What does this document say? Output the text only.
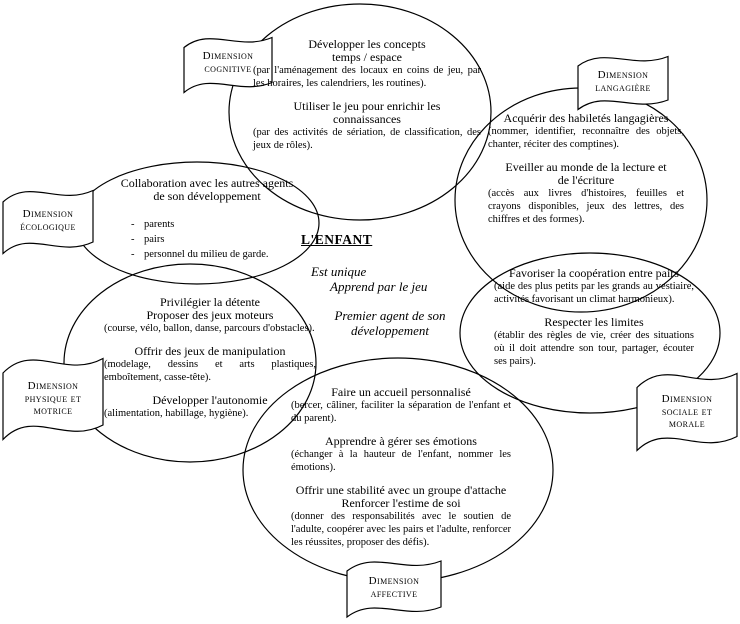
Dimension
cognitive
Dimension
langagière
Dimension
écologique
Dimension
physique et
motrice
Dimension
sociale et
morale
Dimension
affective
Développer les concepts
temps / espace

(par l'aménagement des locaux en coins de jeu, par les horaires, les calendriers, les routines).

Utiliser le jeu pour enrichir les
connaissances

(par des activités de sériation, de classification, des jeux de rôles).

Acquérir des habiletés langagières

(nommer, identifier, reconnaître des objets, chanter, réciter des comptines).

Eveiller au monde de la lecture et
de l'écriture

(accès aux livres d'histoires, feuilles et crayons disponibles, jeux des lettres, des chiffres et des formes).

Collaboration avec les autres agents
de son développement
- parents
- pairs
- personnel du milieu de garde.
L'ENFANT
Est unique
Apprend par le jeu
Premier agent de son développement
Privilégier la détente
Proposer des jeux moteurs

(course, vélo, ballon, danse, parcours d'obstacles).

Offrir des jeux de manipulation

(modelage, dessins et arts plastiques, emboîtement, casse-tête).

Développer l'autonomie

(alimentation, habillage, hygiène).

Favoriser la coopération entre pairs

(aide des plus petits par les grands au vestiaire, activités favorisant un climat harmonieux).

Respecter les limites

(établir des règles de vie, créer des situations où il doit attendre son tour, partager, écouter ses pairs).

Faire un accueil personnalisé

(bercer, câliner, faciliter la séparation de l'enfant et du parent).

Apprendre à gérer ses émotions

(échanger à la hauteur de l'enfant, nommer les émotions).

Offrir une stabilité avec un groupe d'attache
Renforcer l'estime de soi

(donner des responsabilités avec le soutien de l'adulte, coopérer avec les pairs et l'adulte, renforcer les réussites, proposer des défis).
